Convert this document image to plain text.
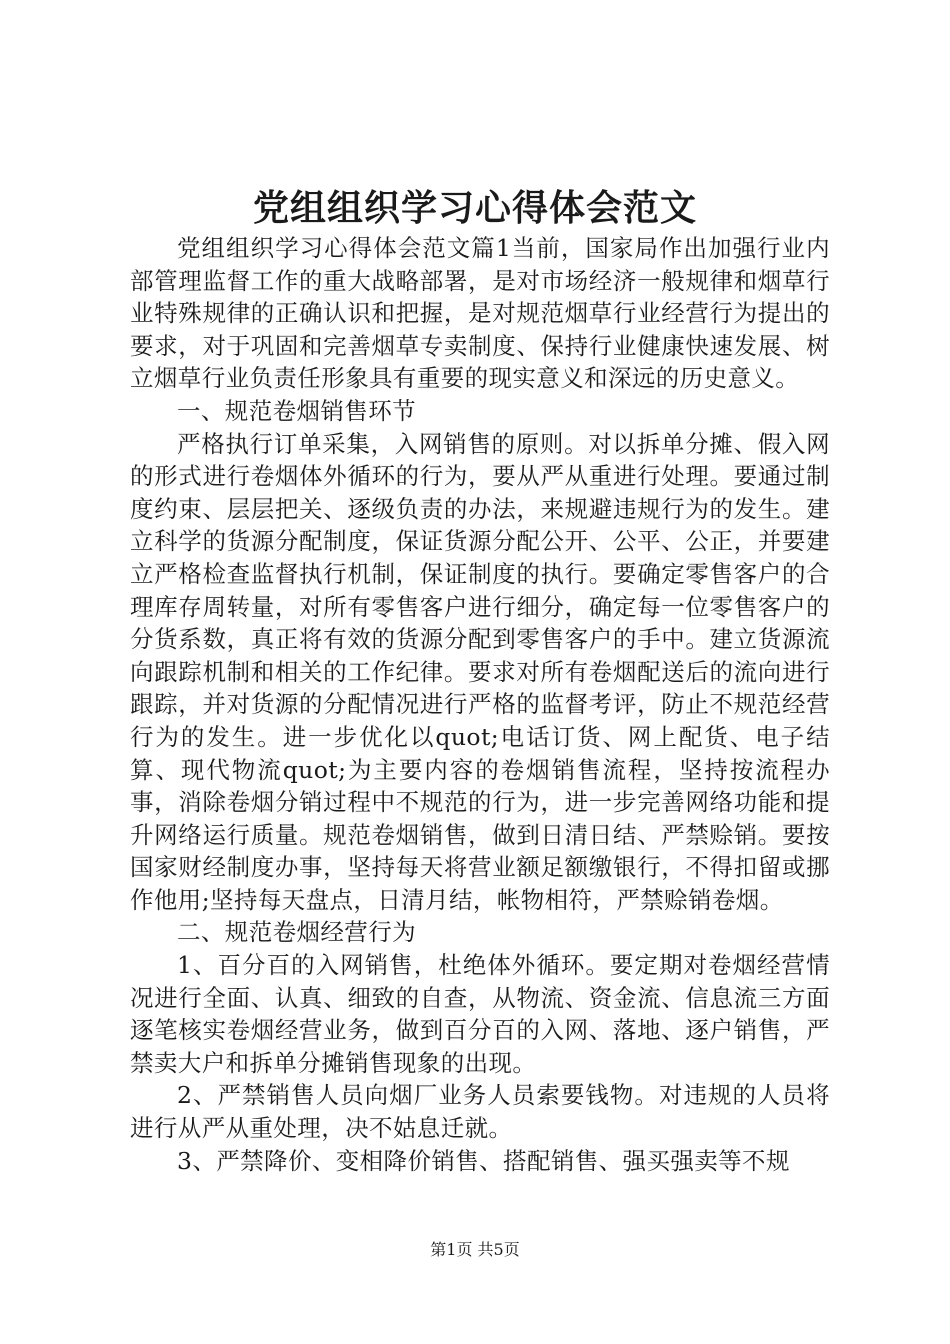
党组组织学习心得体会范文

党组组织学习心得体会范文篇1当前，国家局作出加强行业内部管理监督工作的重大战略部署，是对市场经济一般规律和烟草行业特殊规律的正确认识和把握，是对规范烟草行业经营行为提出的要求，对于巩固和完善烟草专卖制度、保持行业健康快速发展、树立烟草行业负责任形象具有重要的现实意义和深远的历史意义。

一、规范卷烟销售环节

严格执行订单采集，入网销售的原则。对以拆单分摊、假入网的形式进行卷烟体外循环的行为，要从严从重进行处理。要通过制度约束、层层把关、逐级负责的办法，来规避违规行为的发生。建立科学的货源分配制度，保证货源分配公开、公平、公正，并要建立严格检查监督执行机制，保证制度的执行。要确定零售客户的合理库存周转量，对所有零售客户进行细分，确定每一位零售客户的分货系数，真正将有效的货源分配到零售客户的手中。建立货源流向跟踪机制和相关的工作纪律。要求对所有卷烟配送后的流向进行跟踪，并对货源的分配情况进行严格的监督考评，防止不规范经营行为的发生。进一步优化以quot;电话订货、网上配货、电子结算、现代物流quot;为主要内容的卷烟销售流程，坚持按流程办事，消除卷烟分销过程中不规范的行为，进一步完善网络功能和提升网络运行质量。规范卷烟销售，做到日清日结、严禁赊销。要按国家财经制度办事，坚持每天将营业额足额缴银行，不得扣留或挪作他用;坚持每天盘点，日清月结，帐物相符，严禁赊销卷烟。

二、规范卷烟经营行为

1、百分百的入网销售，杜绝体外循环。要定期对卷烟经营情况进行全面、认真、细致的自查，从物流、资金流、信息流三方面逐笔核实卷烟经营业务，做到百分百的入网、落地、逐户销售，严禁卖大户和拆单分摊销售现象的出现。

2、严禁销售人员向烟厂业务人员索要钱物。对违规的人员将进行从严从重处理，决不姑息迁就。

3、严禁降价、变相降价销售、搭配销售、强买强卖等不规

第1页 共5页
